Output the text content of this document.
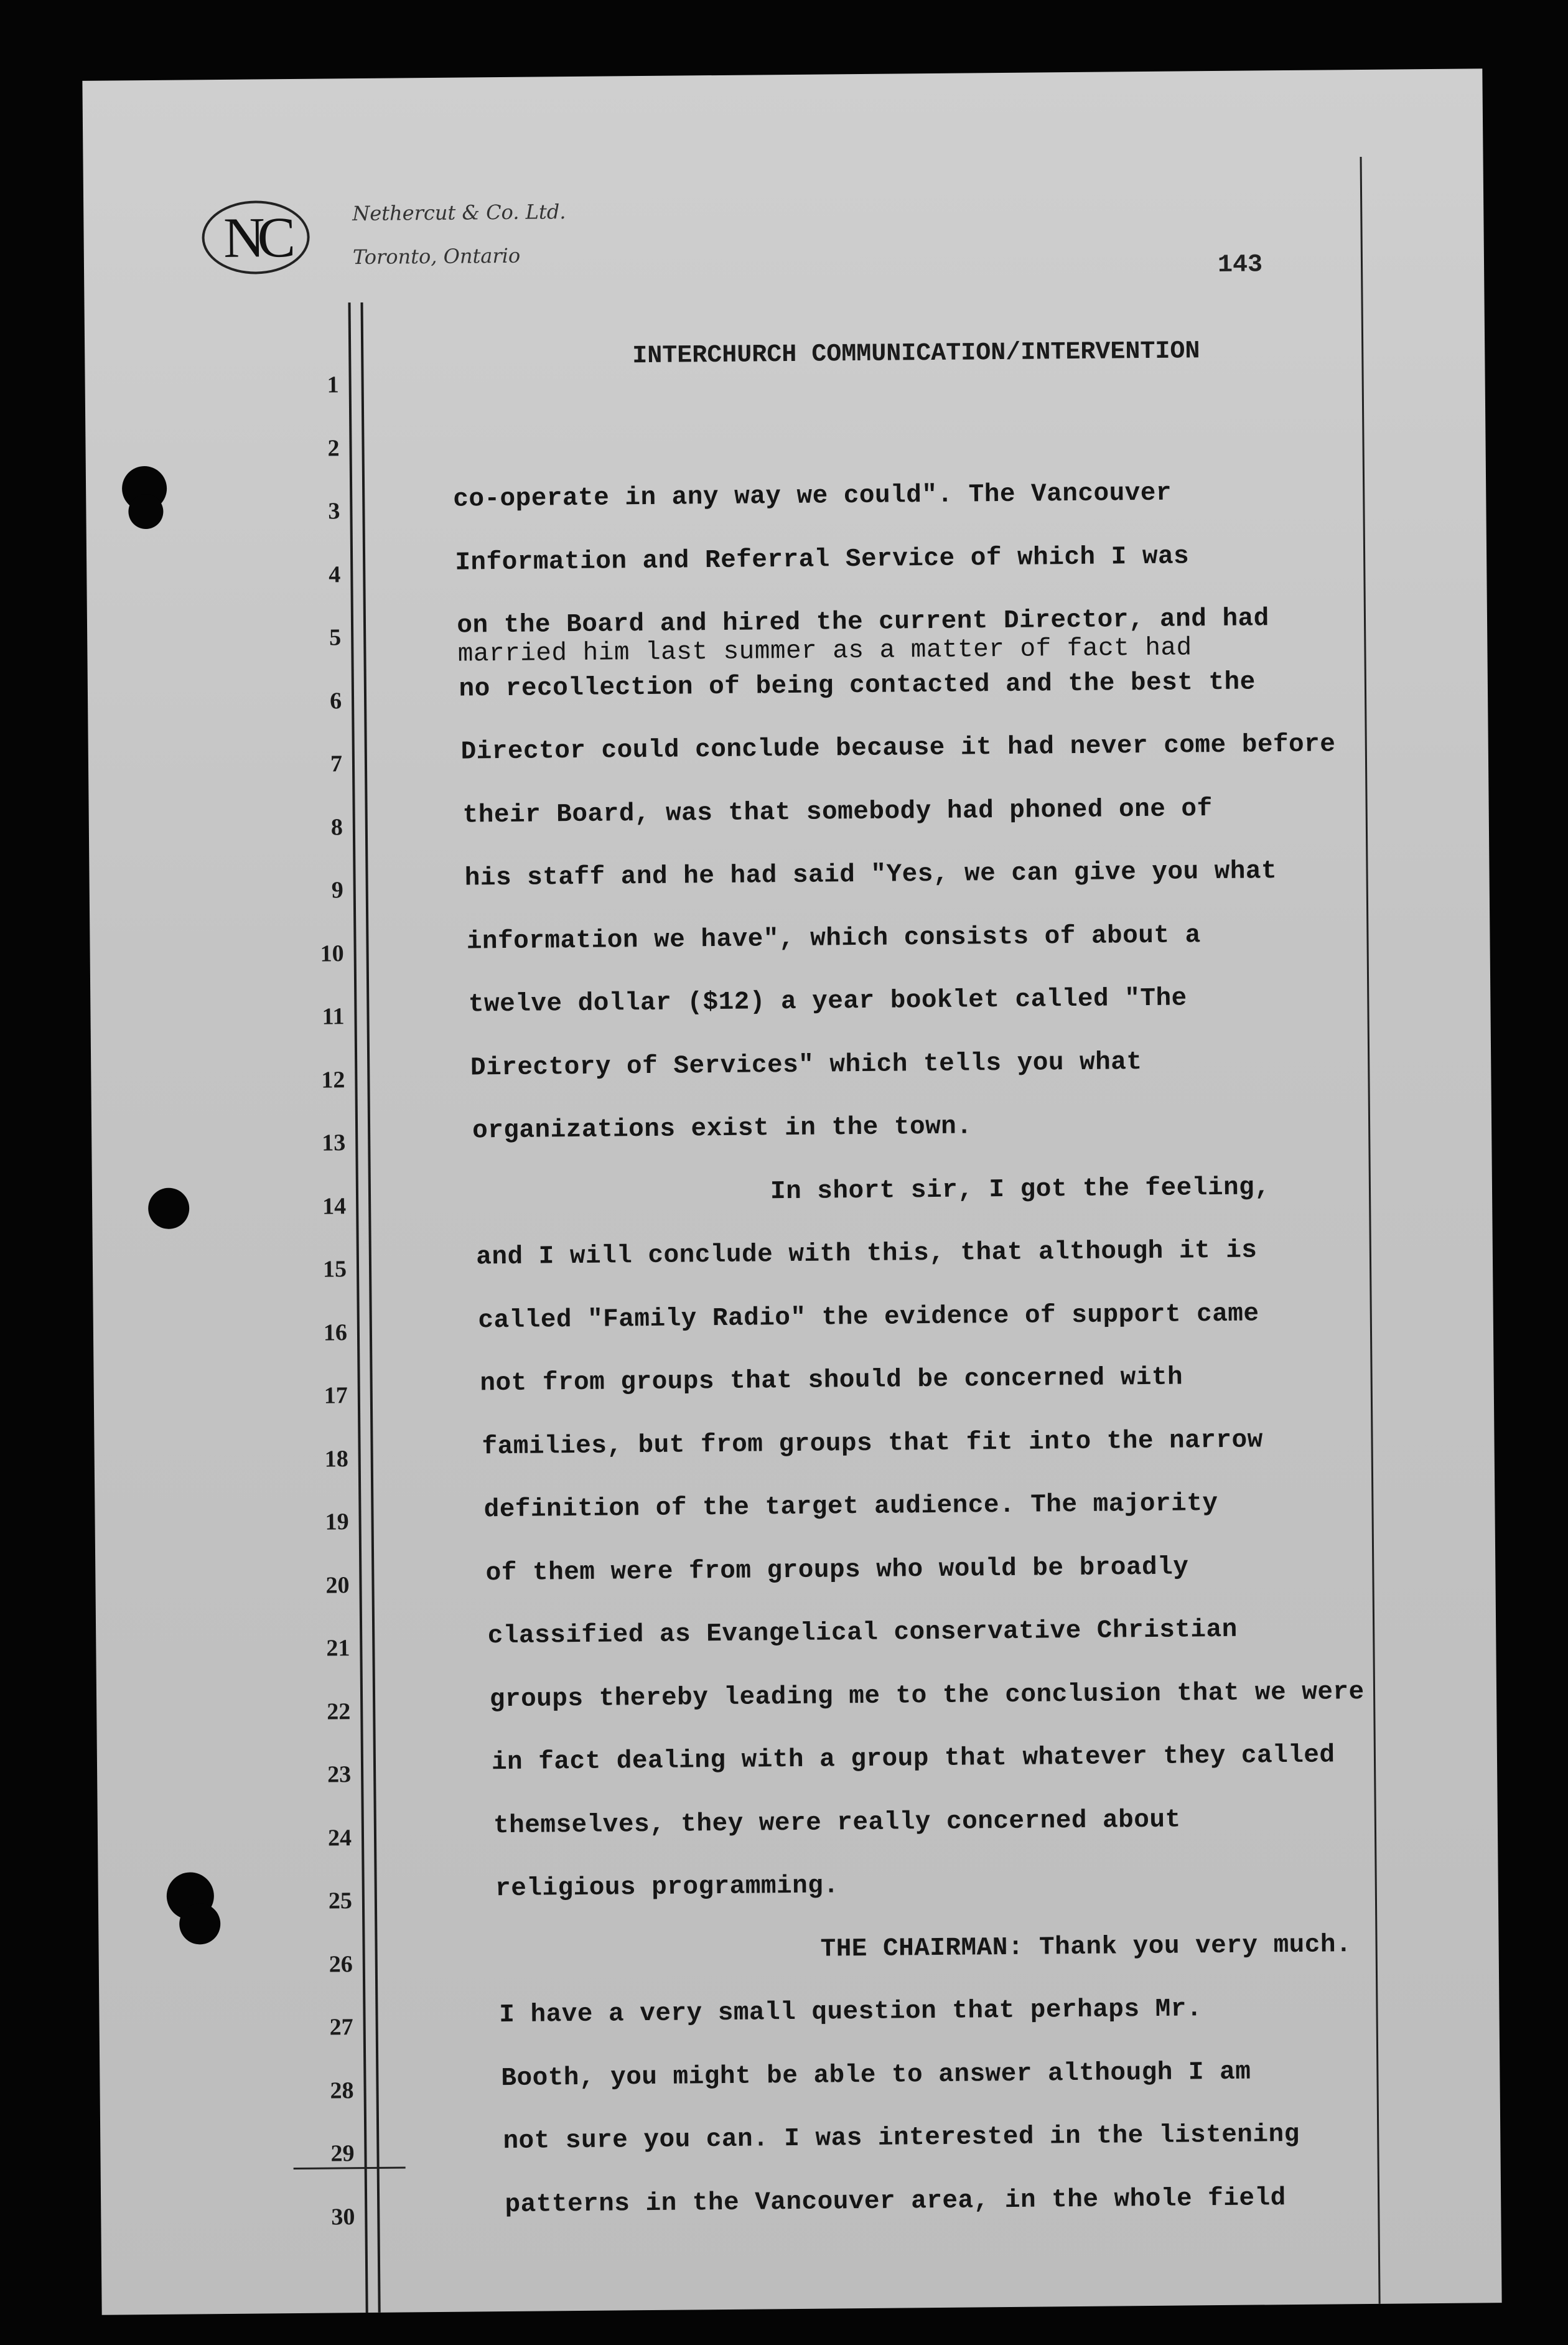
NC	Nethercut & Co. Ltd.
Toronto, Ontario	143
1
2
3
4
5
6
7
8
9
10
11
12
13
14
15
16
17
18
19
20
21
22
23
24
25
26
27
28
29
30
INTERCHURCH COMMUNICATION/INTERVENTION
co-operate in any way we could". The Vancouver
Information and Referral Service of which I was
on the Board and hired the current Director, and had
married him last summer as a matter of fact had
no recollection of being contacted and the best the
Director could conclude because it had never come before
their Board, was that somebody had phoned one of
his staff and he had said "Yes, we can give you what
information we have", which consists of about a
twelve dollar ($12) a year booklet called "The
Directory of Services" which tells you what
organizations exist in the town.
In short sir, I got the feeling,
and I will conclude with this, that although it is
called "Family Radio" the evidence of support came
not from groups that should be concerned with
families, but from groups that fit into the narrow
definition of the target audience. The majority
of them were from groups who would be broadly
classified as Evangelical conservative Christian
groups thereby leading me to the conclusion that we were
in fact dealing with a group that whatever they called
themselves, they were really concerned about
religious programming.
THE CHAIRMAN: Thank you very much.
I have a very small question that perhaps Mr.
Booth, you might be able to answer although I am
not sure you can. I was interested in the listening
patterns in the Vancouver area, in the whole field
